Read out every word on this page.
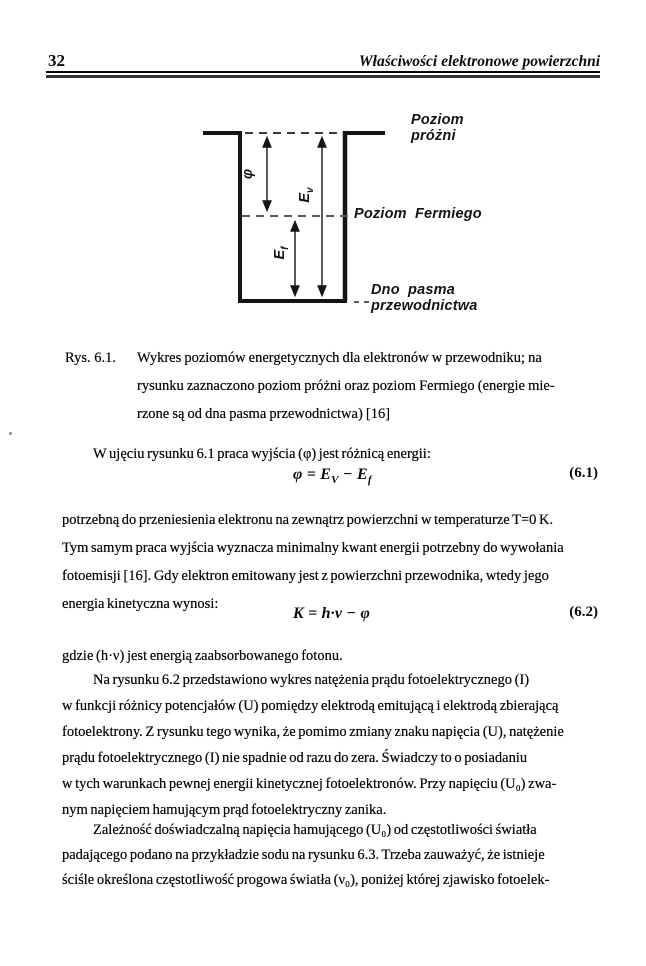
32	Właściwości elektronowe powierzchni
Poziom
próżni
Poziom Fermiego
Dno pasma
przewodnictwa
φ
$E_v$
$E_f$
Rys. 6.1. Wykres poziomów energetycznych dla elektronów w przewodniku; na
rysunku zaznaczono poziom próżni oraz poziom Fermiego (energie mie-
rzone są od dna pasma przewodnictwa) [16]
W ujęciu rysunku 6.1 praca wyjścia (φ) jest różnicą energii:
$\varphi = E_V - E_f$	(6.1)
potrzebną do przeniesienia elektronu na zewnątrz powierzchni w temperaturze T=0 K.
Tym samym praca wyjścia wyznacza minimalny kwant energii potrzebny do wywołania
fotoemisji [16]. Gdy elektron emitowany jest z powierzchni przewodnika, wtedy jego
energia kinetyczna wynosi:
K = h·ν − φ	(6.2)
gdzie (h·ν) jest energią zaabsorbowanego fotonu.
Na rysunku 6.2 przedstawiono wykres natężenia prądu fotoelektrycznego (I)
w funkcji różnicy potencjałów (U) pomiędzy elektrodą emitującą i elektrodą zbierającą
fotoelektrony. Z rysunku tego wynika, że pomimo zmiany znaku napięcia (U), natężenie
prądu fotoelektrycznego (I) nie spadnie od razu do zera. Świadczy to o posiadaniu
w tych warunkach pewnej energii kinetycznej fotoelektronów. Przy napięciu (U₀) zwa-
nym napięciem hamującym prąd fotoelektryczny zanika.
Zależność doświadczalną napięcia hamującego (U₀) od częstotliwości światła
padającego podano na przykładzie sodu na rysunku 6.3. Trzeba zauważyć, że istnieje
ściśle określona częstotliwość progowa światła (ν₀), poniżej której zjawisko fotoelek-
